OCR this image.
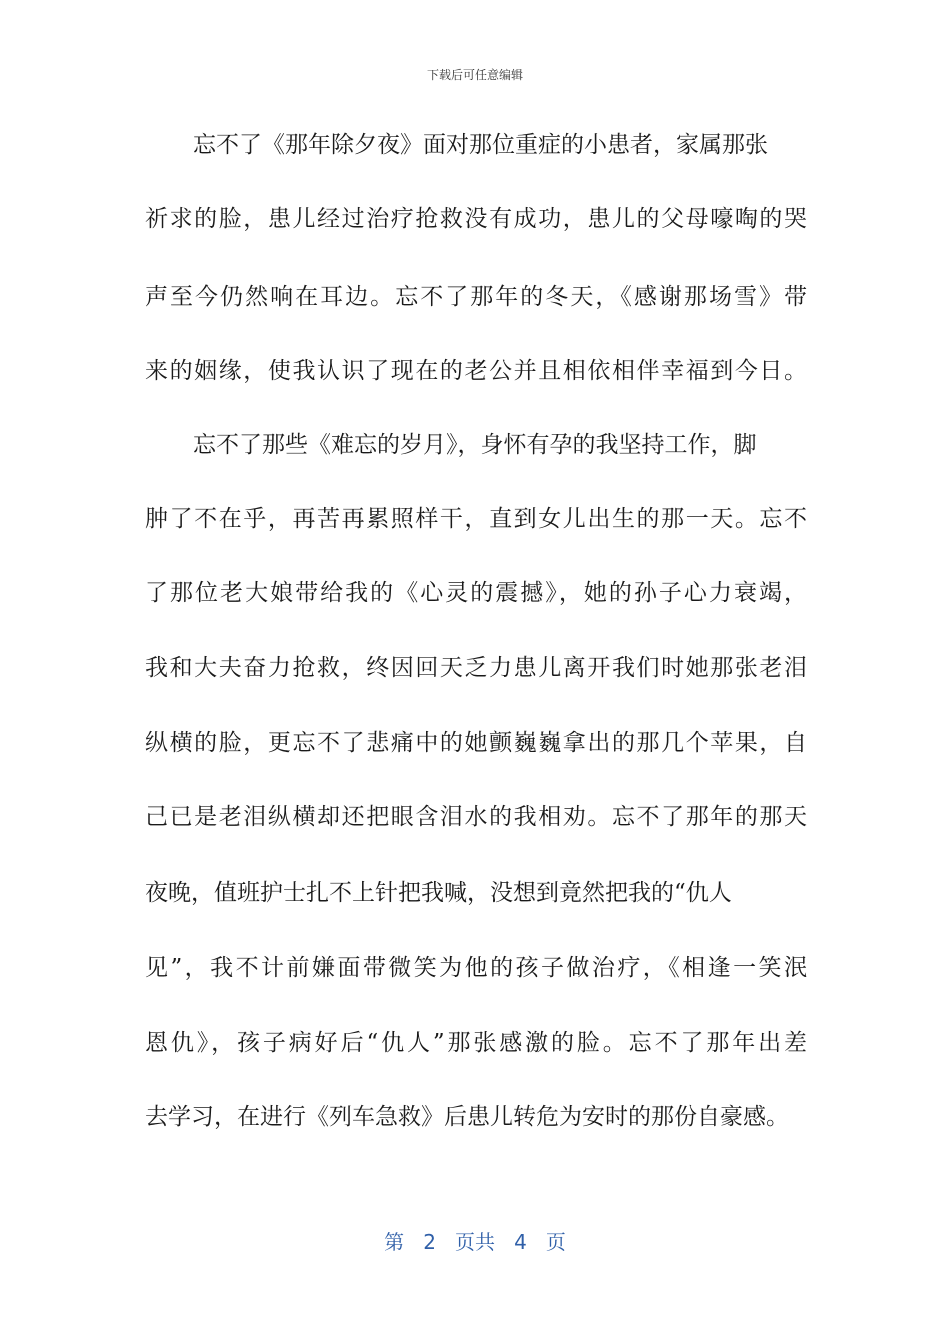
下载后可任意编辑
忘不了《那年除夕夜》面对那位重症的小患者，家属那张
祈求的脸，患儿经过治疗抢救没有成功，患儿的父母嚎啕的哭
声至今仍然响在耳边。忘不了那年的冬天，《感谢那场雪》带
来的姻缘，使我认识了现在的老公并且相依相伴幸福到今日。
忘不了那些《难忘的岁月》，身怀有孕的我坚持工作，脚
肿了不在乎，再苦再累照样干，直到女儿出生的那一天。忘不
了那位老大娘带给我的《心灵的震撼》，她的孙子心力衰竭，
我和大夫奋力抢救，终因回天乏力患儿离开我们时她那张老泪
纵横的脸，更忘不了悲痛中的她颤巍巍拿出的那几个苹果，自
己已是老泪纵横却还把眼含泪水的我相劝。忘不了那年的那天
夜晚，值班护士扎不上针把我喊，没想到竟然把我的“仇人
见”，我不计前嫌面带微笑为他的孩子做治疗，《相逢一笑泯
恩仇》，孩子病好后“仇人”那张感激的脸。忘不了那年出差
去学习，在进行《列车急救》后患儿转危为安时的那份自豪感。
第 2 页共 4 页
